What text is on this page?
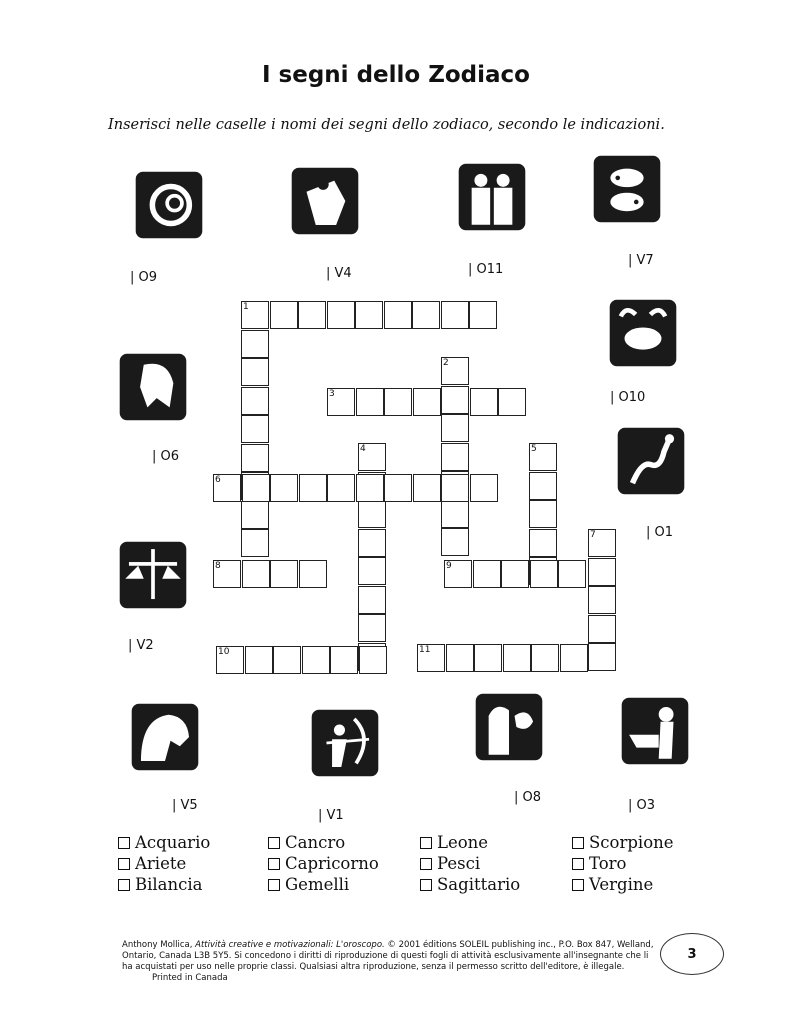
I segni dello Zodiaco
Inserisci nelle caselle i nomi dei segni dello zodiaco, secondo le indicazioni.
1
2
3
4	5
6
7
8	9
10	11
| O9	| V4	| O11
| V7
| O10
| O6
| O1
| V2
| V5
| V1
| O8
| O3
Acquario
Ariete
Bilancia
Cancro
Capricorno
Gemelli
Leone
Pesci
Sagittario
Scorpione
Toro
Vergine
Anthony Mollica, Attività creative e motivazionali: L'oroscopo. © 2001 éditions SOLEIL publishing inc., P.O. Box 847, Welland, Ontario, Canada L3B 5Y5. Si concedono i diritti di riproduzione di questi fogli di attività esclusivamente all'insegnante che li ha acquistati per uso nelle proprie classi. Qualsiasi altra riproduzione, senza il permesso scritto dell'editore, è illegale. Printed in Canada
3
